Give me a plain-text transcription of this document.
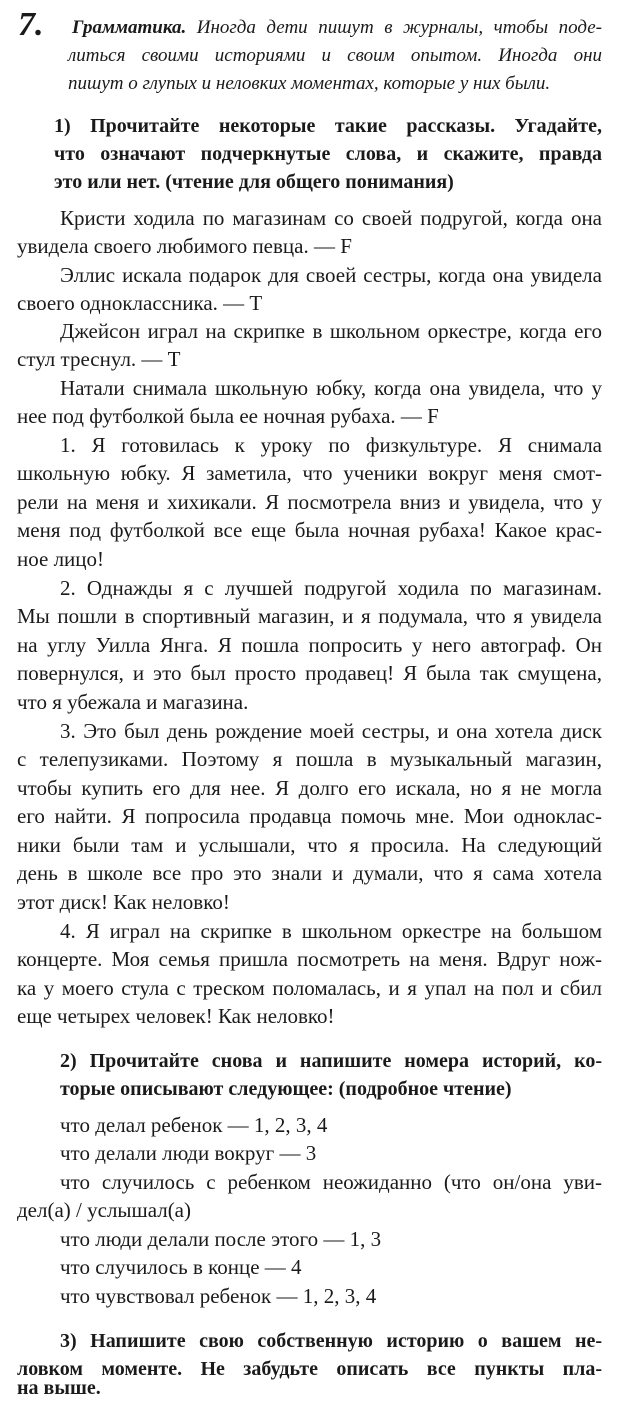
7. Грамматика. Иногда дети пишут в журналы, чтобы поде-
литься своими историями и своим опытом. Иногда они
пишут о глупых и неловких моментах, которые у них были.
1) Прочитайте некоторые такие рассказы. Угадайте,
что означают подчеркнутые слова, и скажите, правда
это или нет. (чтение для общего понимания)
Кристи ходила по магазинам со своей подругой, когда она
увидела своего любимого певца. — F
Эллис искала подарок для своей сестры, когда она увидела
своего одноклассника. — Т
Джейсон играл на скрипке в школьном оркестре, когда его
стул треснул. — Т
Натали снимала школьную юбку, когда она увидела, что у
нее под футболкой была ее ночная рубаха. — F
1. Я готовилась к уроку по физкультуре. Я снимала
школьную юбку. Я заметила, что ученики вокруг меня смот-
рели на меня и хихикали. Я посмотрела вниз и увидела, что у
меня под футболкой все еще была ночная рубаха! Какое крас-
ное лицо!
2. Однажды я с лучшей подругой ходила по магазинам.
Мы пошли в спортивный магазин, и я подумала, что я увидела
на углу Уилла Янга. Я пошла попросить у него автограф. Он
повернулся, и это был просто продавец! Я была так смущена,
что я убежала и магазина.
3. Это был день рождение моей сестры, и она хотела диск
с телепузиками. Поэтому я пошла в музыкальный магазин,
чтобы купить его для нее. Я долго его искала, но я не могла
его найти. Я попросила продавца помочь мне. Мои одноклас-
ники были там и услышали, что я просила. На следующий
день в школе все про это знали и думали, что я сама хотела
этот диск! Как неловко!
4. Я играл на скрипке в школьном оркестре на большом
концерте. Моя семья пришла посмотреть на меня. Вдруг нож-
ка у моего стула с треском поломалась, и я упал на пол и сбил
еще четырех человек! Как неловко!
2) Прочитайте снова и напишите номера историй, ко-
торые описывают следующее: (подробное чтение)
что делал ребенок — 1, 2, 3, 4
что делали люди вокруг — 3
что случилось с ребенком неожиданно (что он/она уви-
дел(а) / услышал(а)
что люди делали после этого — 1, 3
что случилось в конце — 4
что чувствовал ребенок — 1, 2, 3, 4
3) Напишите свою собственную историю о вашем не-
ловком моменте. Не забудьте описать все пункты пла-
на выше.
